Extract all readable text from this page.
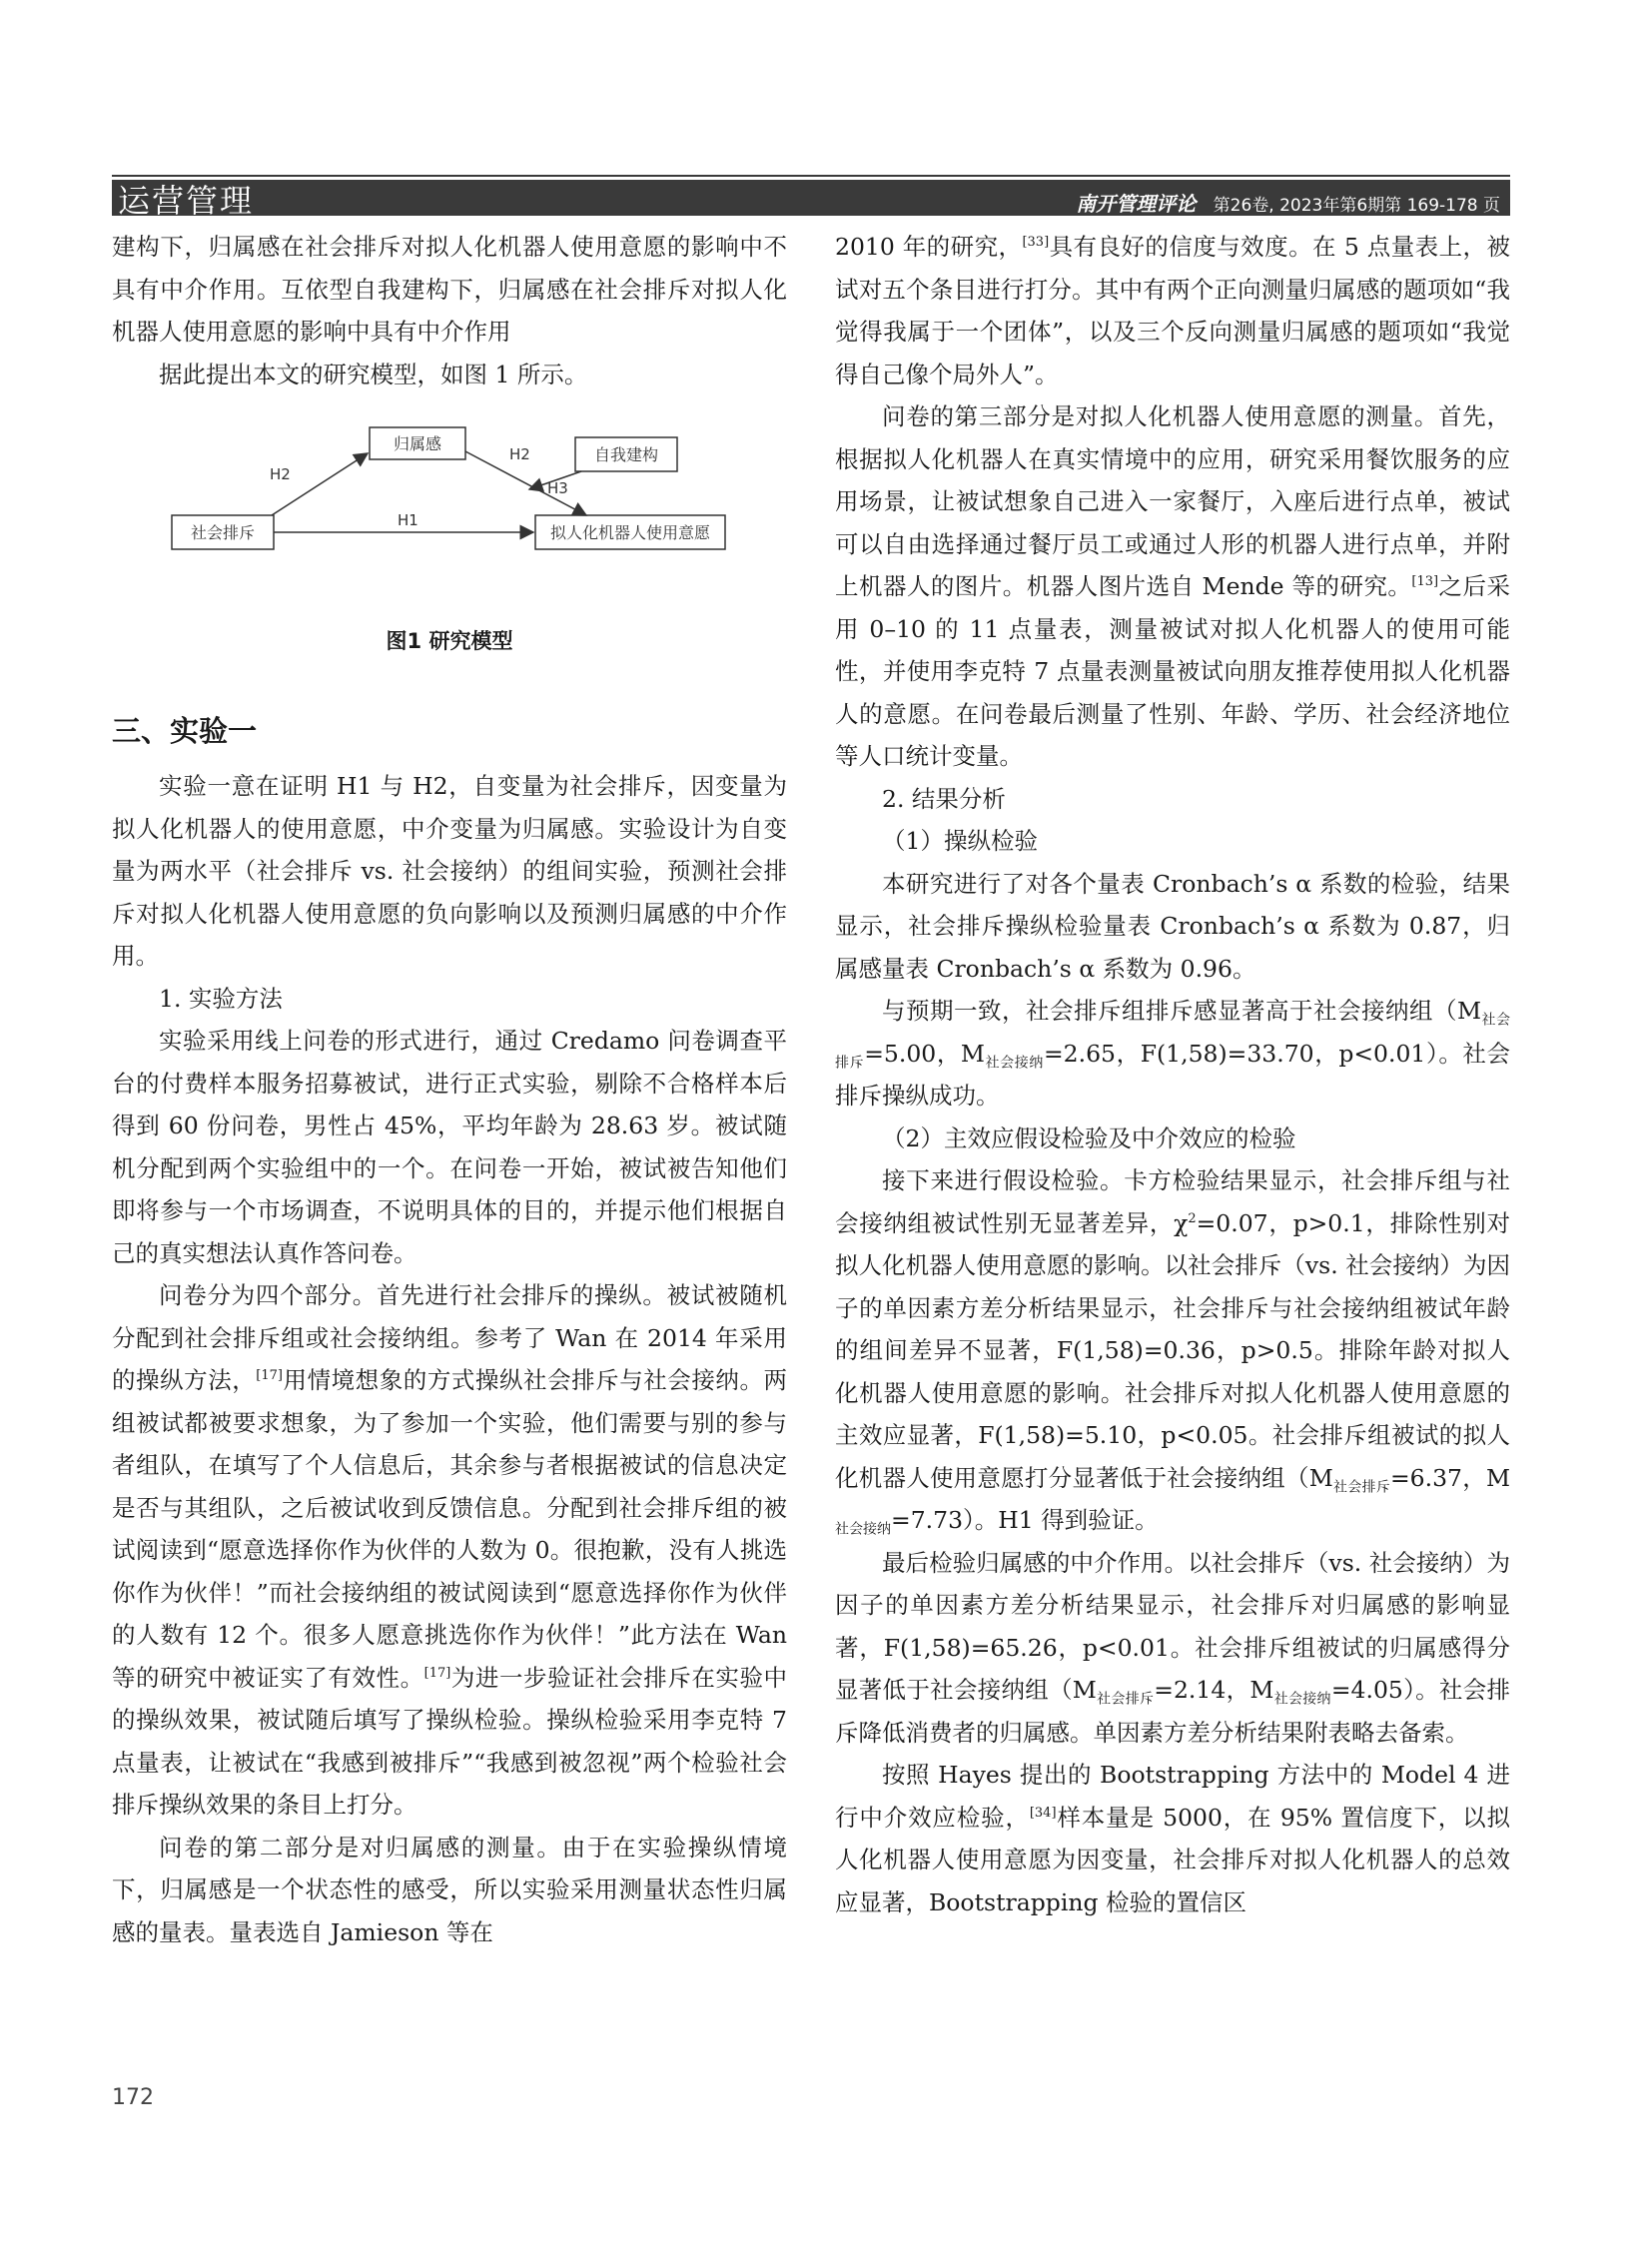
运营管理	南开管理评论 第26卷, 2023年第6期第 169-178 页

建构下，归属感在社会排斥对拟人化机器人使用意愿的影响中不具有中介作用。互依型自我建构下，归属感在社会排斥对拟人化机器人使用意愿的影响中具有中介作用

据此提出本文的研究模型，如图 1 所示。

归属感
自我建构
社会排斥	拟人化机器人使用意愿
H2
H2
H3
H1
图1 研究模型
三、实验一

实验一意在证明 H1 与 H2，自变量为社会排斥，因变量为拟人化机器人的使用意愿，中介变量为归属感。实验设计为自变量为两水平（社会排斥 vs. 社会接纳）的组间实验，预测社会排斥对拟人化机器人使用意愿的负向影响以及预测归属感的中介作用。

1. 实验方法

实验采用线上问卷的形式进行，通过 Credamo 问卷调查平台的付费样本服务招募被试，进行正式实验，剔除不合格样本后得到 60 份问卷，男性占 45%，平均年龄为 28.63 岁。被试随机分配到两个实验组中的一个。在问卷一开始，被试被告知他们即将参与一个市场调查，不说明具体的目的，并提示他们根据自己的真实想法认真作答问卷。

问卷分为四个部分。首先进行社会排斥的操纵。被试被随机分配到社会排斥组或社会接纳组。参考了 Wan 在 2014 年采用的操纵方法，[17]用情境想象的方式操纵社会排斥与社会接纳。两组被试都被要求想象，为了参加一个实验，他们需要与别的参与者组队，在填写了个人信息后，其余参与者根据被试的信息决定是否与其组队，之后被试收到反馈信息。分配到社会排斥组的被试阅读到“愿意选择你作为伙伴的人数为 0。很抱歉，没有人挑选你作为伙伴！”而社会接纳组的被试阅读到“愿意选择你作为伙伴的人数有 12 个。很多人愿意挑选你作为伙伴！”此方法在 Wan 等的研究中被证实了有效性。[17]为进一步验证社会排斥在实验中的操纵效果，被试随后填写了操纵检验。操纵检验采用李克特 7 点量表，让被试在“我感到被排斥”“我感到被忽视”两个检验社会排斥操纵效果的条目上打分。

问卷的第二部分是对归属感的测量。由于在实验操纵情境下，归属感是一个状态性的感受，所以实验采用测量状态性归属感的量表。量表选自 Jamieson 等在

2010 年的研究，[33]具有良好的信度与效度。在 5 点量表上，被试对五个条目进行打分。其中有两个正向测量归属感的题项如“我觉得我属于一个团体”，以及三个反向测量归属感的题项如“我觉得自己像个局外人”。

问卷的第三部分是对拟人化机器人使用意愿的测量。首先，根据拟人化机器人在真实情境中的应用，研究采用餐饮服务的应用场景，让被试想象自己进入一家餐厅，入座后进行点单，被试可以自由选择通过餐厅员工或通过人形的机器人进行点单，并附上机器人的图片。机器人图片选自 Mende 等的研究。[13]之后采用 0–10 的 11 点量表，测量被试对拟人化机器人的使用可能性，并使用李克特 7 点量表测量被试向朋友推荐使用拟人化机器人的意愿。在问卷最后测量了性别、年龄、学历、社会经济地位等人口统计变量。

2. 结果分析

（1）操纵检验

本研究进行了对各个量表 Cronbach’s α 系数的检验，结果显示，社会排斥操纵检验量表 Cronbach’s α 系数为 0.87，归属感量表 Cronbach’s α 系数为 0.96。

与预期一致，社会排斥组排斥感显著高于社会接纳组（$M_{社会排斥}=5.00$，$M_{社会接纳}=2.65$，F(1,58)=33.70，p<0.01）。社会排斥操纵成功。

（2）主效应假设检验及中介效应的检验

接下来进行假设检验。卡方检验结果显示，社会排斥组与社会接纳组被试性别无显著差异，$\chi^2=0.07$，p>0.1，排除性别对拟人化机器人使用意愿的影响。以社会排斥（vs. 社会接纳）为因子的单因素方差分析结果显示，社会排斥与社会接纳组被试年龄的组间差异不显著，F(1,58)=0.36，p>0.5。排除年龄对拟人化机器人使用意愿的影响。社会排斥对拟人化机器人使用意愿的主效应显著，F(1,58)=5.10，p<0.05。社会排斥组被试的拟人化机器人使用意愿打分显著低于社会接纳组（$M_{社会排斥}=6.37$，$M_{社会接纳}=7.73$）。H1 得到验证。

最后检验归属感的中介作用。以社会排斥（vs. 社会接纳）为因子的单因素方差分析结果显示，社会排斥对归属感的影响显著，F(1,58)=65.26，p<0.01。社会排斥组被试的归属感得分显著低于社会接纳组（$M_{社会排斥}=2.14$，$M_{社会接纳}=4.05$）。社会排斥降低消费者的归属感。单因素方差分析结果附表略去备索。

按照 Hayes 提出的 Bootstrapping 方法中的 Model 4 进行中介效应检验，[34]样本量是 5000，在 95% 置信度下，以拟人化机器人使用意愿为因变量，社会排斥对拟人化机器人的总效应显著，Bootstrapping 检验的置信区

172
